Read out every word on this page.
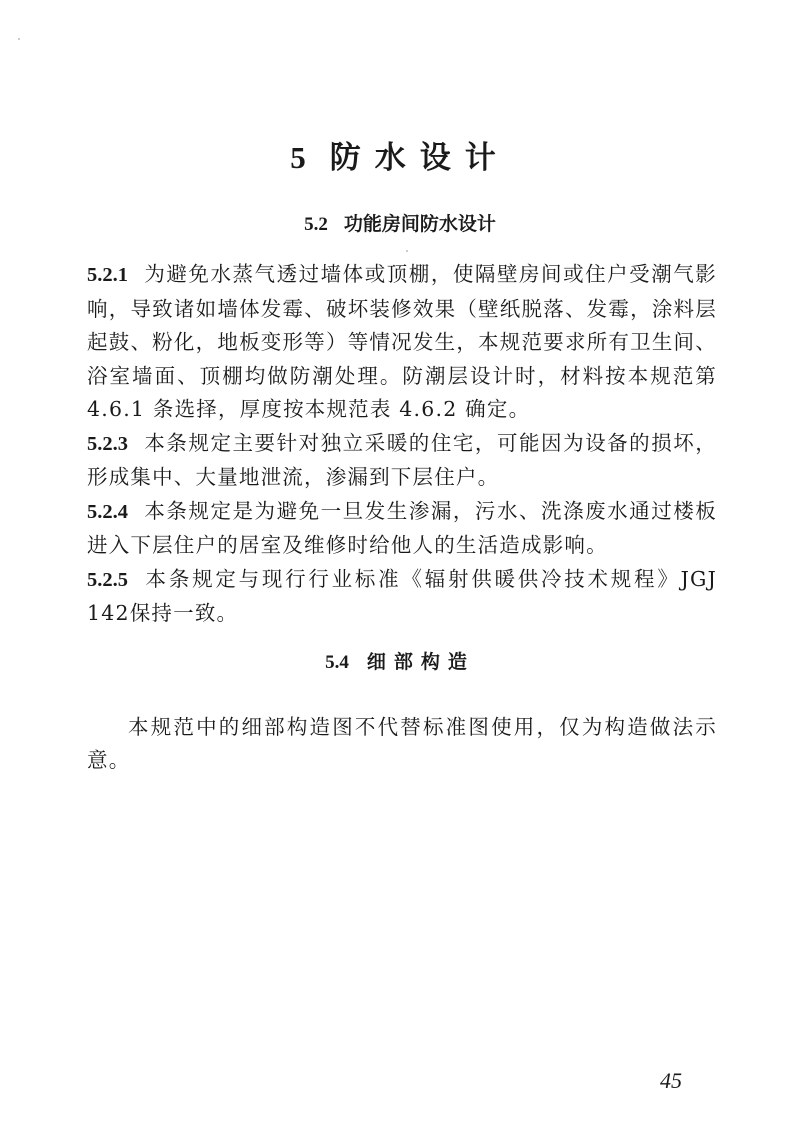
5 防水设计
5.2 功能房间防水设计

5.2.1 为避免水蒸气透过墙体或顶棚，使隔壁房间或住户受潮气影响，导致诸如墙体发霉、破坏装修效果（壁纸脱落、发霉，涂料层起鼓、粉化，地板变形等）等情况发生，本规范要求所有卫生间、浴室墙面、顶棚均做防潮处理。防潮层设计时，材料按本规范第 4.6.1 条选择，厚度按本规范表 4.6.2 确定。

5.2.3 本条规定主要针对独立采暖的住宅，可能因为设备的损坏，形成集中、大量地泄流，渗漏到下层住户。

5.2.4 本条规定是为避免一旦发生渗漏，污水、洗涤废水通过楼板进入下层住户的居室及维修时给他人的生活造成影响。

5.2.5 本条规定与现行行业标准《辐射供暖供冷技术规程》JGJ 142保持一致。

5.4 细部构造

本规范中的细部构造图不代替标准图使用，仅为构造做法示意。

45
